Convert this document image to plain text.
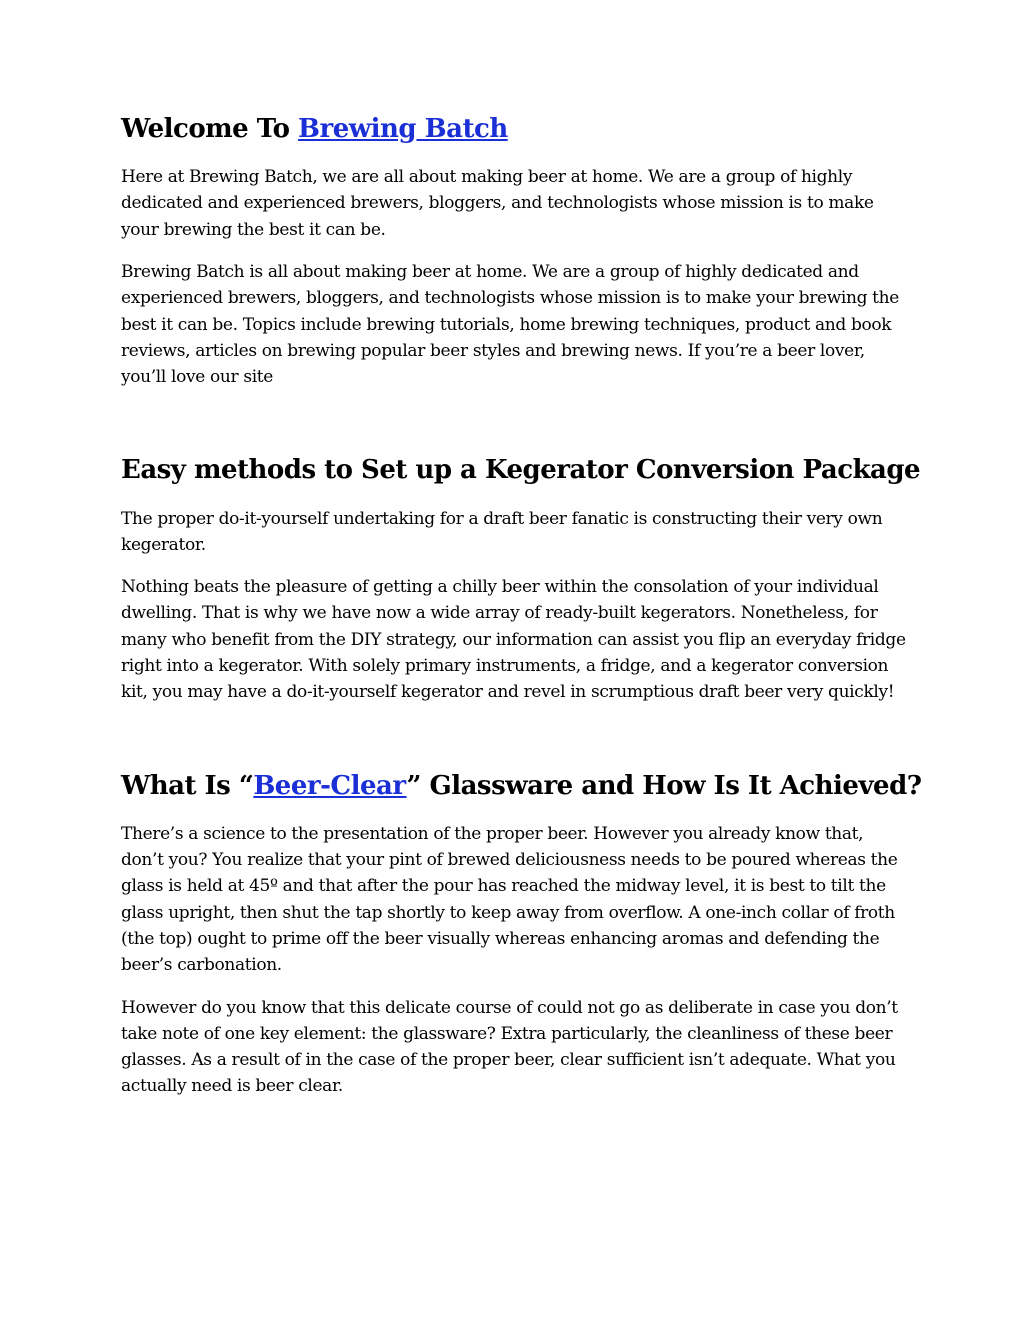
Welcome To Brewing Batch

Here at Brewing Batch, we are all about making beer at home. We are a group of highly dedicated and experienced brewers, bloggers, and technologists whose mission is to make your brewing the best it can be.

Brewing Batch is all about making beer at home. We are a group of highly dedicated and experienced brewers, bloggers, and technologists whose mission is to make your brewing the best it can be. Topics include brewing tutorials, home brewing techniques, product and book reviews, articles on brewing popular beer styles and brewing news. If you’re a beer lover, you’ll love our site

Easy methods to Set up a Kegerator Conversion Package

The proper do-it-yourself undertaking for a draft beer fanatic is constructing their very own kegerator.

Nothing beats the pleasure of getting a chilly beer within the consolation of your individual dwelling. That is why we have now a wide array of ready-built kegerators. Nonetheless, for many who benefit from the DIY strategy, our information can assist you flip an everyday fridge right into a kegerator. With solely primary instruments, a fridge, and a kegerator conversion kit, you may have a do-it-yourself kegerator and revel in scrumptious draft beer very quickly!

What Is “Beer-Clear” Glassware and How Is It Achieved?

There’s a science to the presentation of the proper beer. However you already know that, don’t you? You realize that your pint of brewed deliciousness needs to be poured whereas the glass is held at 45º and that after the pour has reached the midway level, it is best to tilt the glass upright, then shut the tap shortly to keep away from overflow. A one-inch collar of froth (the top) ought to prime off the beer visually whereas enhancing aromas and defending the beer’s carbonation.

However do you know that this delicate course of could not go as deliberate in case you don’t take note of one key element: the glassware? Extra particularly, the cleanliness of these beer glasses. As a result of in the case of the proper beer, clear sufficient isn’t adequate. What you actually need is beer clear.
